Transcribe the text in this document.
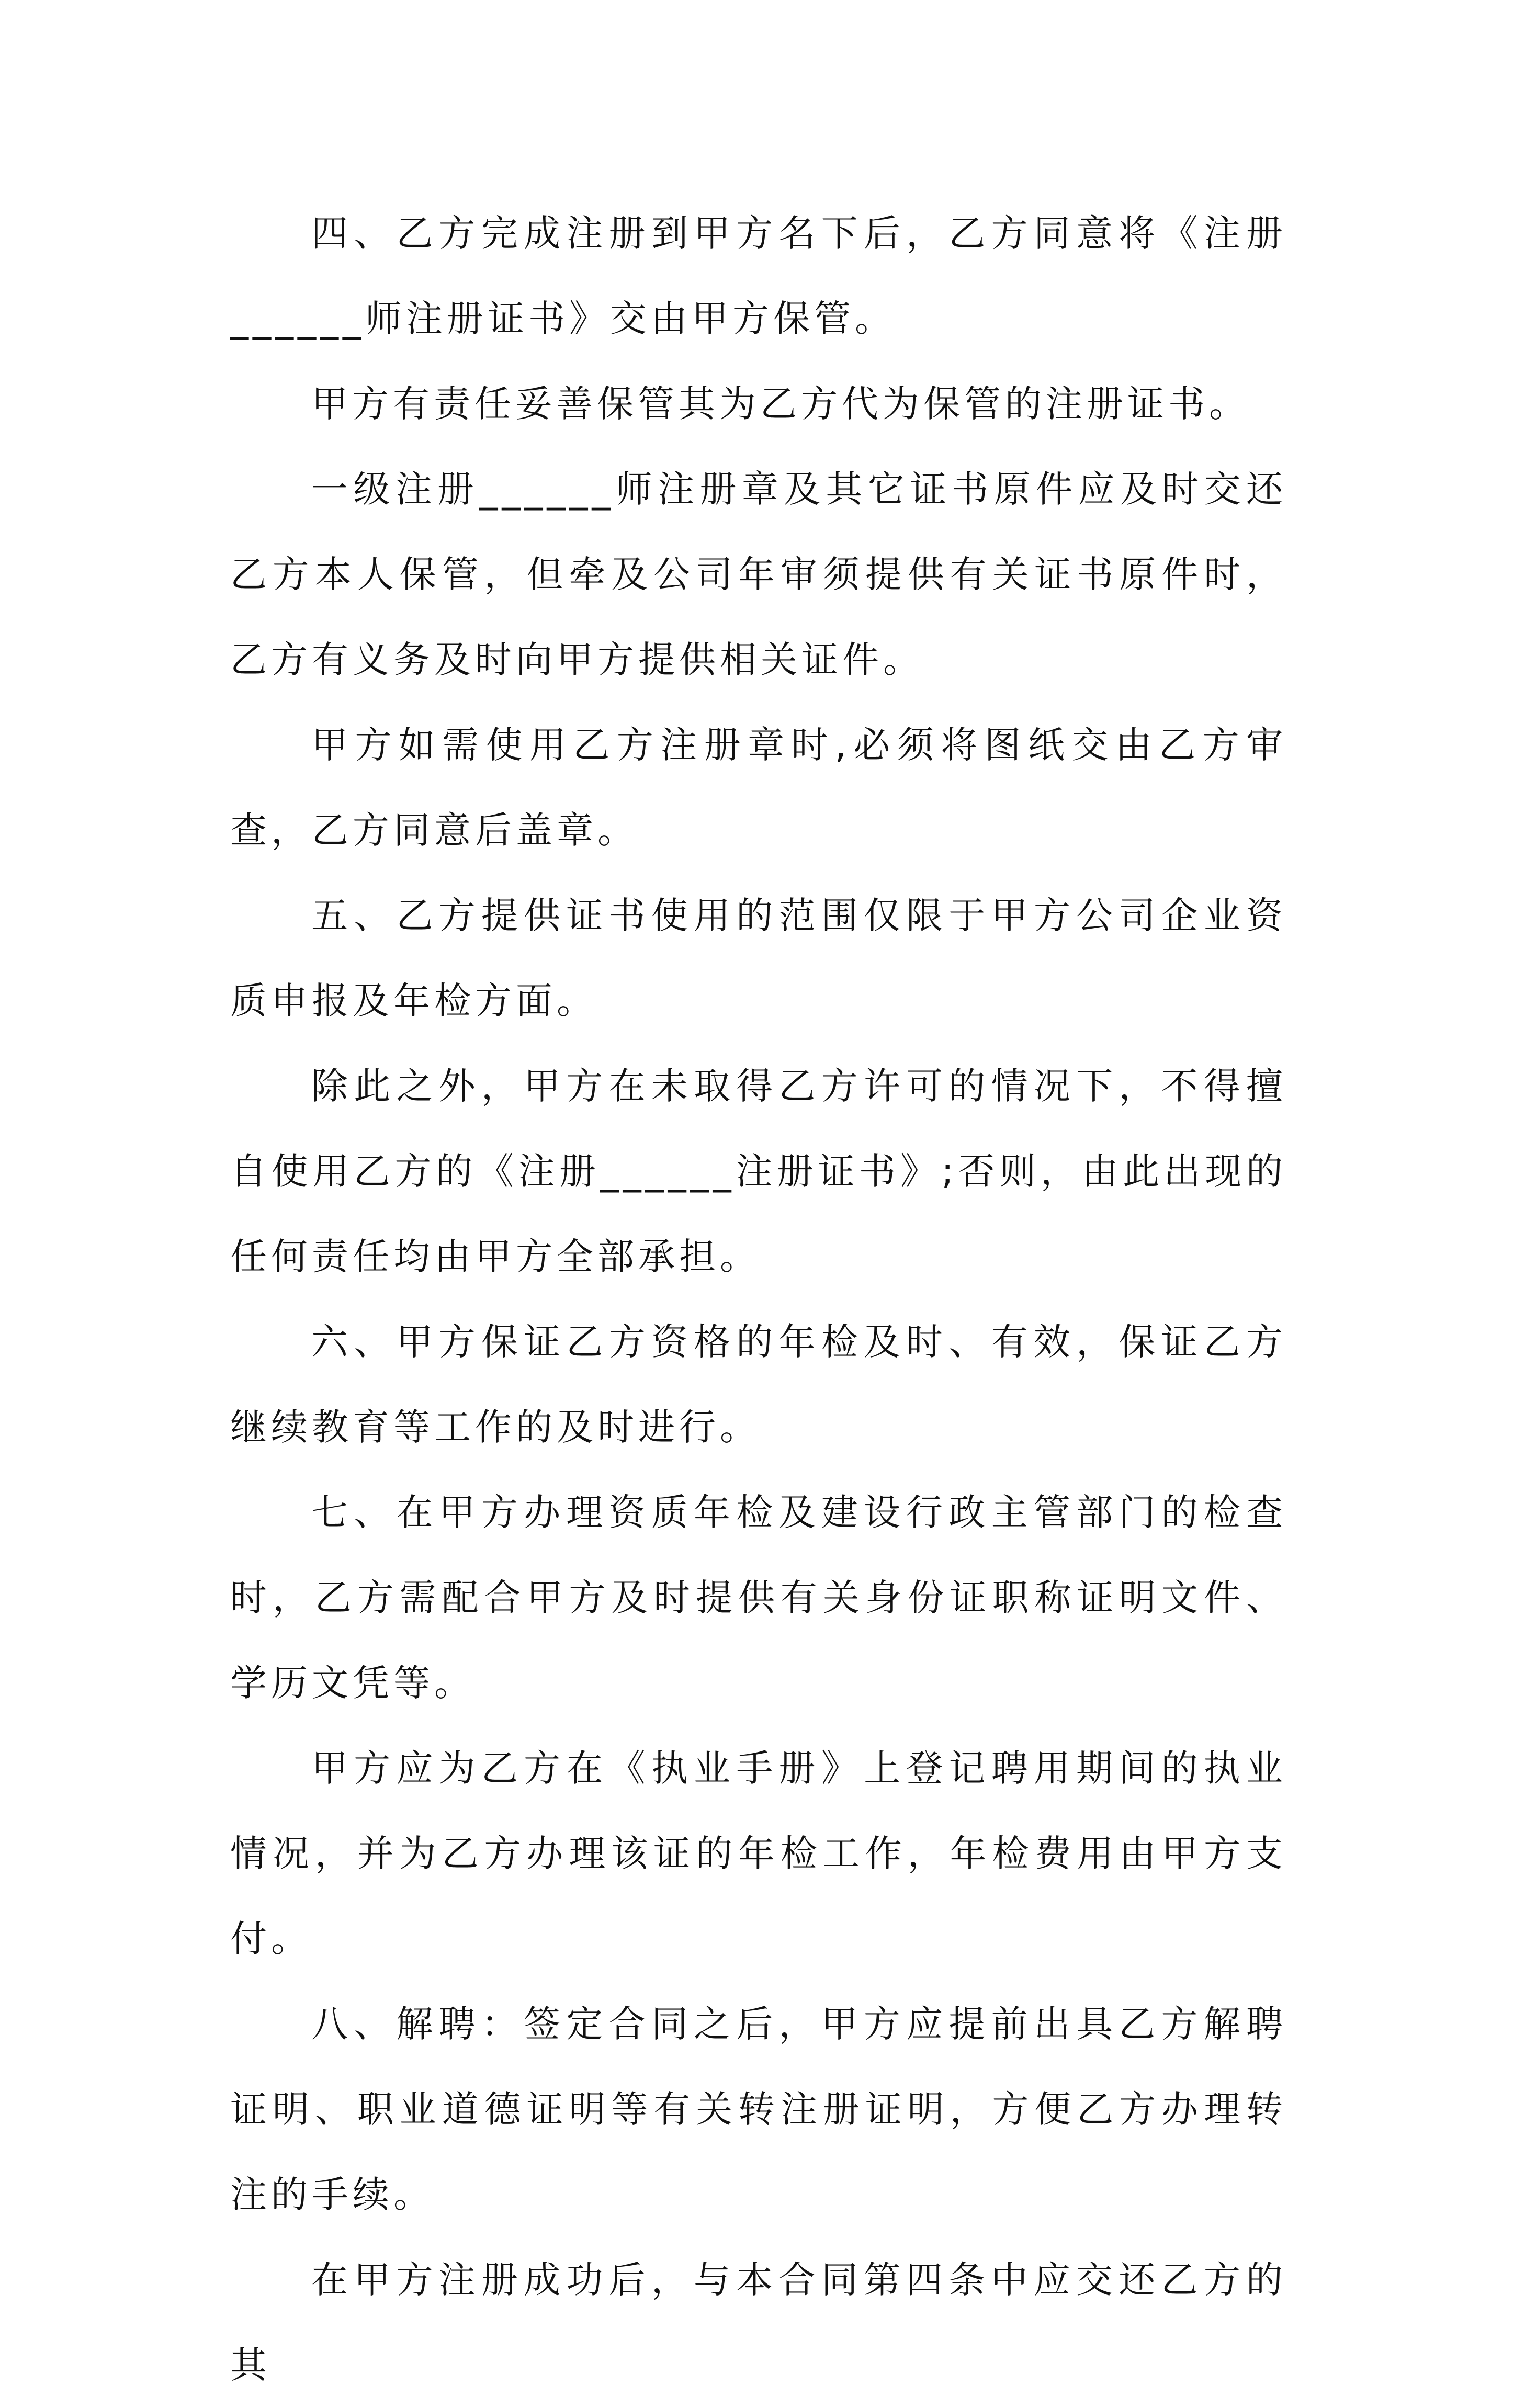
四、乙方完成注册到甲方名下后，乙方同意将《注册______师注册证书》交由甲方保管。

甲方有责任妥善保管其为乙方代为保管的注册证书。

一级注册______师注册章及其它证书原件应及时交还乙方本人保管，但牵及公司年审须提供有关证书原件时，乙方有义务及时向甲方提供相关证件。

甲方如需使用乙方注册章时,必须将图纸交由乙方审查，乙方同意后盖章。

五、乙方提供证书使用的范围仅限于甲方公司企业资质申报及年检方面。

除此之外，甲方在未取得乙方许可的情况下，不得擅自使用乙方的《注册______注册证书》;否则，由此出现的任何责任均由甲方全部承担。

六、甲方保证乙方资格的年检及时、有效，保证乙方继续教育等工作的及时进行。

七、在甲方办理资质年检及建设行政主管部门的检查时，乙方需配合甲方及时提供有关身份证职称证明文件、学历文凭等。

甲方应为乙方在《执业手册》上登记聘用期间的执业情况，并为乙方办理该证的年检工作，年检费用由甲方支付。

八、解聘：签定合同之后，甲方应提前出具乙方解聘证明、职业道德证明等有关转注册证明，方便乙方办理转注的手续。

在甲方注册成功后，与本合同第四条中应交还乙方的其
